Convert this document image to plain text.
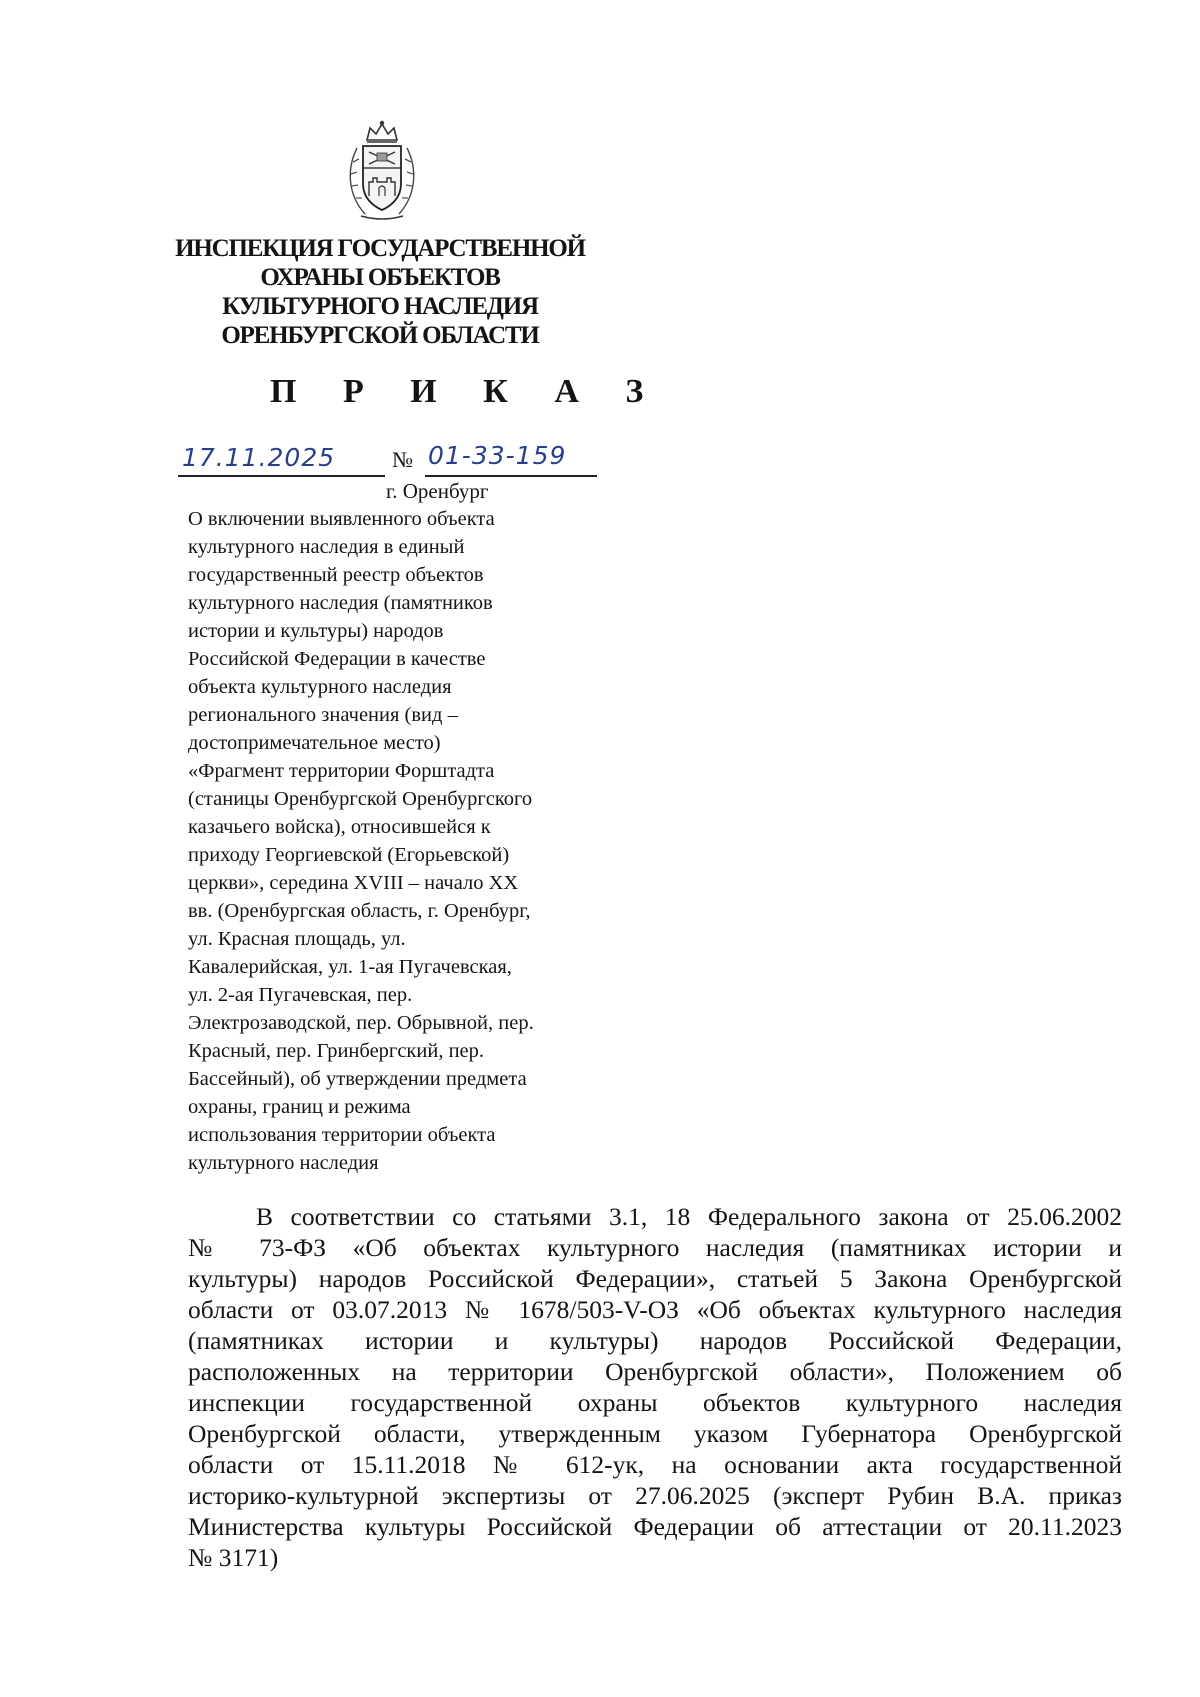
ИНСПЕКЦИЯ ГОСУДАРСТВЕННОЙ
ОХРАНЫ ОБЪЕКТОВ
КУЛЬТУРНОГО НАСЛЕДИЯ
ОРЕНБУРГСКОЙ ОБЛАСТИ
П Р И К А З
17.11.2025	№ 01-33-159
г. Оренбург
О включении выявленного объекта
культурного наследия в единый
государственный реестр объектов
культурного наследия (памятников
истории и культуры) народов
Российской Федерации в качестве
объекта культурного наследия
регионального значения (вид –
достопримечательное место)
«Фрагмент территории Форштадта
(станицы Оренбургской Оренбургского
казачьего войска), относившейся к
приходу Георгиевской (Егорьевской)
церкви», середина XVIII – начало XX
вв. (Оренбургская область, г. Оренбург,
ул. Красная площадь, ул.
Кавалерийская, ул. 1-ая Пугачевская,
ул. 2-ая Пугачевская, пер.
Электрозаводской, пер. Обрывной, пер.
Красный, пер. Гринбергский, пер.
Бассейный), об утверждении предмета
охраны, границ и режима
использования территории объекта
культурного наследия
В соответствии со статьями 3.1, 18 Федерального закона от 25.06.2002
№ 73-ФЗ «Об объектах культурного наследия (памятниках истории и
культуры) народов Российской Федерации», статьей 5 Закона Оренбургской
области от 03.07.2013 № 1678/503-V-ОЗ «Об объектах культурного наследия
(памятниках истории и культуры) народов Российской Федерации,
расположенных на территории Оренбургской области», Положением об
инспекции государственной охраны объектов культурного наследия
Оренбургской области, утвержденным указом Губернатора Оренбургской
области от 15.11.2018 № 612-ук, на основании акта государственной
историко-культурной экспертизы от 27.06.2025 (эксперт Рубин В.А. приказ
Министерства культуры Российской Федерации об аттестации от 20.11.2023
№ 3171)
